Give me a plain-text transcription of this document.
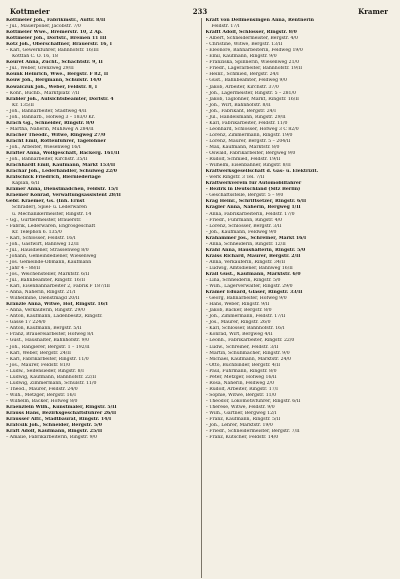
Kottmeier	233	Kramer
Kottmeier Joh., Fabrikmstr., Auftr. 8/II
– Jul., Mauerpolier, Jacobstr. 7/0
Kottmeier Wwe., Bremerstr. 10, 2 Ap.
Kottmeier Joh., Dorfstr., Bremen 11 III
Kotz Joh., Oberschaffner, Brauerstr. 16, I
– Karl, Gewerkführer, Bahnhofstr. 16/III
Kottfäh C. O. 16, 18
Kouret Anna, Zucht., Schachtstr. 9, II
– Jul., Weber, Grenzweg 29/II
Kounk Heinrich, Wwe., Bergstr. F 82, II
Kouw Joh., Bergmann, Schulstr. 14/0
Kowalczuk Joh., Weber, Feldstr. 8, I
– Konr., Buchb., Marktplatz 7/II
Krabler Joh., Aufsichtsbeamter, Dorfstr. 4
Kr. 135/II
– Joh., Bahnarbeiter, Stadtweg 4/II
– Joh., Bahnarb., Hofweg 3 – 183/0 Kr.
Krach Gg., Schneider, Ringstr. 8/0
– Martha, Näherin, Mühlweg A 284/II
Kracher Theodr., Witwe, Ringweg 27/0
Kracht Emil, Rottenführer, Tagelöhner
– Joh., Arbeiter, Wiesenweg 16/I
Krafter Anna, Wollgeschäft, Bäckerg. 161/II
– Joh., Bahnarbeiter, Kirchstr. 35/II
Krachhardt Emil, Kaufmann, Markt 153/II
Krachar Joh., Lederhändler, Schulweg 22/0
Kräfschick Friedrich, Bierniederlage
Kaplan, 6/II
Krämer Anna, Dienstmädchen, Feldstr. 15/I
Kraemer Konrad, Verwaltungsassistent 28/II
Gebr. Kraemer, Gs. (Inh. Ernst
Schrader), Spiel- u. Lederwaren
u. Mechanikermeister, Ringstr. 14
– Gg., Gürtlermeister, Brauerstr.
– Fabrik, Lederwaren, Engrosgeschäft
Kr. Telephon 6. 135/0
– Karl, Schlosser, Feldstr. 16/I
– Joh., Gastwirt, Bahnweg 12/II
– Jul., Hausdiener, Strassenweg 8/0
– Johann, Gemeindediener, Wiesenweg
– Jos. Gemeinde-Obmann, Kaufmann
– Jahr 4 – 88/II
– Jos., Weichensteller, Marktstr. 6/II
– Jul., Bahnbeamter, Ringstr. 16/II
– Karl, Eisenbahnarbeiter 2, Fabrik F 187/III
– Anna, Näherin, Ringstr. 21/I
– Wilhelmine, Dienstmagd 20/II
Kränzle Anna, Witwe, Hof, Ringstr. 16/I
– Anna, Verkäuferin, Ringstr. 29/0
– Anton, Kaufmann, Ladenbesitz, Ringstr.
– Gasse 17 224/0
– Anton, Kaufmann, Bergstr. 5/II
– Franz, Brauereiarbeiter, Hofweg 8/I
– Gust., Haushälter, Bahnhofstr. 9/0
– Joh., Rangierer, Bergstr. 1 – 192/II
– Karl, Weber, Bergstr. 24/II
– Karl, Fabrikarbeiter, Ringstr. 11/0
– Jos., Maurer, Feldstr. 81/0
– Ludw., Seifensieder, Ringstr. 8/I
– Ludwig, Kaufmann, Bahnhofstr. 22/II
– Ludwig, Zimmermann, Schulstr. 11/0
– Theod., Maurer, Feldstr. 24/0
– Wilh., Metzger, Bergstr. 16/I
– Wilhelm, Bäcker, Hofweg 8/0
Kraenzlein Wilh., Kunstmaler, Ringstr. 5/II
Krauss Hans, Bezirksgeschäftsführer 26/II
Kräusser Alfr., Stadtbaurat, Ringstr. 14/I
Krafcsik Joh., Schneider, Bergstr. 5/0
Kraft Adolf, Kaufmann, Ringstr. 25/II
– Amalie, Fabrikarbeiterin, Ringstr. 9/0
Kraft von Dellmensingen Anna, Rentnerin
Feldstr. 17/I
Krafft Adolf, Schlosser, Ringstr. 8/0
– Albert, Schneidermeister, Bergstr. 4/0
– Christine, Witwe, Bergstr. 13/II
– Eleonore, Bahnarbeiterin, Feldweg 19/0
– Emil, Kaufmann, Ringstr. 9/0
– Franziska, Spinnerin, Wiesenweg 21/0
– Friedr., Lagerarbeiter, Bahnhofstr. 19/II
– Heinr., Schmied, Bergstr. 24/I
– Gust., Bahnbeamter, Feldweg 9/0
– Jakob, Arbeiter, Kirchstr. 37/0
– Joh., Lagermeister, Ringstr. 5 – 281/0
– Jakob, Taglöhner, Markt, Ringstr. 16/II
– Joh., Wirt, Bahnhofstr. 8/II
– Joh., Fabrikant, Bergstr. 24/I
– Jul., Handelsmann, Ringstr. 29/II
– Karl, Fabrikarbeiter, Feldstr. 11/0
– Leonhard, Schlosser, Hofweg 3 C 82/0
– Lorenz, Zimmermann, Ringstr. 19/0
– Lorenz, Maurer, Bergstr. 5 – 204/II
– Max, Kaufmann, Marktstr. 8/0
– Oswald, Fabrikarbeiter, Bergweg 9/0
– Rudolf, Schmied, Feldstr. 19/II
– Wilhelm, Eisenbahner, Ringstr. 8/II
Kraftwerksgesellschaft d. Gas- u. Elektrizit.
– werk Ringstr. 3 Tel. 7/II
Kraftwerkverein für Automobilfahrer
– Bezirk in Deutschland (Sitz Berlin)
– Geschäftsstelle, Bergstr. 5 – 9/0
Krag Heinr., Schriftsetzer, Ringstr. 6/II
Kragler Anna, Näherin, Bergweg 1/II
– Anna, Fabrikarbeiterin, Feldstr. 17/0
– Friedr., Fuhrmann, Ringstr. 4/0
– Lorenz, Schlosser, Bergstr. 3/II
– Joh., Kaufmann, Feldweg 9/0
Krahammer Jos., Schreiner, Markt 16/I
– Anna, Schneiderin, Ringstr. 12/II
Krahl Anna, Haushälterin, Ringstr. 5/0
Kraiss Richard, Maurer, Bergstr. 2/II
– Anna, Verkäuferin, Ringstr. 34/II
– Ludwig, Amtsdiener, Bahnweg 16/II
Krall Gust., Kaufmann, Marktstr. 6/0
– Lina, Schneiderin, Ringstr. 5/0
– Wilh., Lagerverwalter, Ringstr. 29/0
Kramer Eduard, Glaser, Ringstr. 33/II
– Georg, Bahnarbeiter, Hofweg 9/0
– Hans, Weber, Ringstr. 9/II
– Jakob, Bäcker, Bergstr. 8/0
– Joh., Zimmermann, Feldstr. 17/II
– Jos., Maurer, Ringstr. 26/0
– Karl, Schlosser, Bahnhofstr. 16/I
– Konrad, Wirt, Bergweg 4/II
– Leonh., Fabrikarbeiter, Ringstr. 22/0
– Ludw., Schreiner, Feldstr. 3/II
– Martin, Schuhmacher, Ringstr. 9/0
– Michael, Kaufmann, Marktstr. 24/0
– Otto, Buchbinder, Bergstr. 4/II
– Paul, Fuhrmann, Ringstr. 8/0
– Peter, Metzger, Hofweg 16/II
– Rosa, Näherin, Feldweg 2/0
– Rudolf, Arbeiter, Ringstr. 17/I
– Sophie, Witwe, Bergstr. 11/0
– Theodor, Lokomotivführer, Ringstr. 6/II
– Therese, Witwe, Feldstr. 9/0
– Wilh., Gärtner, Bergweg 12/I
– Franz, Kaufmann, Ringstr. 5/II
– Joh., Lehrer, Marktstr. 19/0
– Friedr., Schneidermeister, Bergstr. 7/II
– Franz, Kutscher, Feldstr. 14/0
